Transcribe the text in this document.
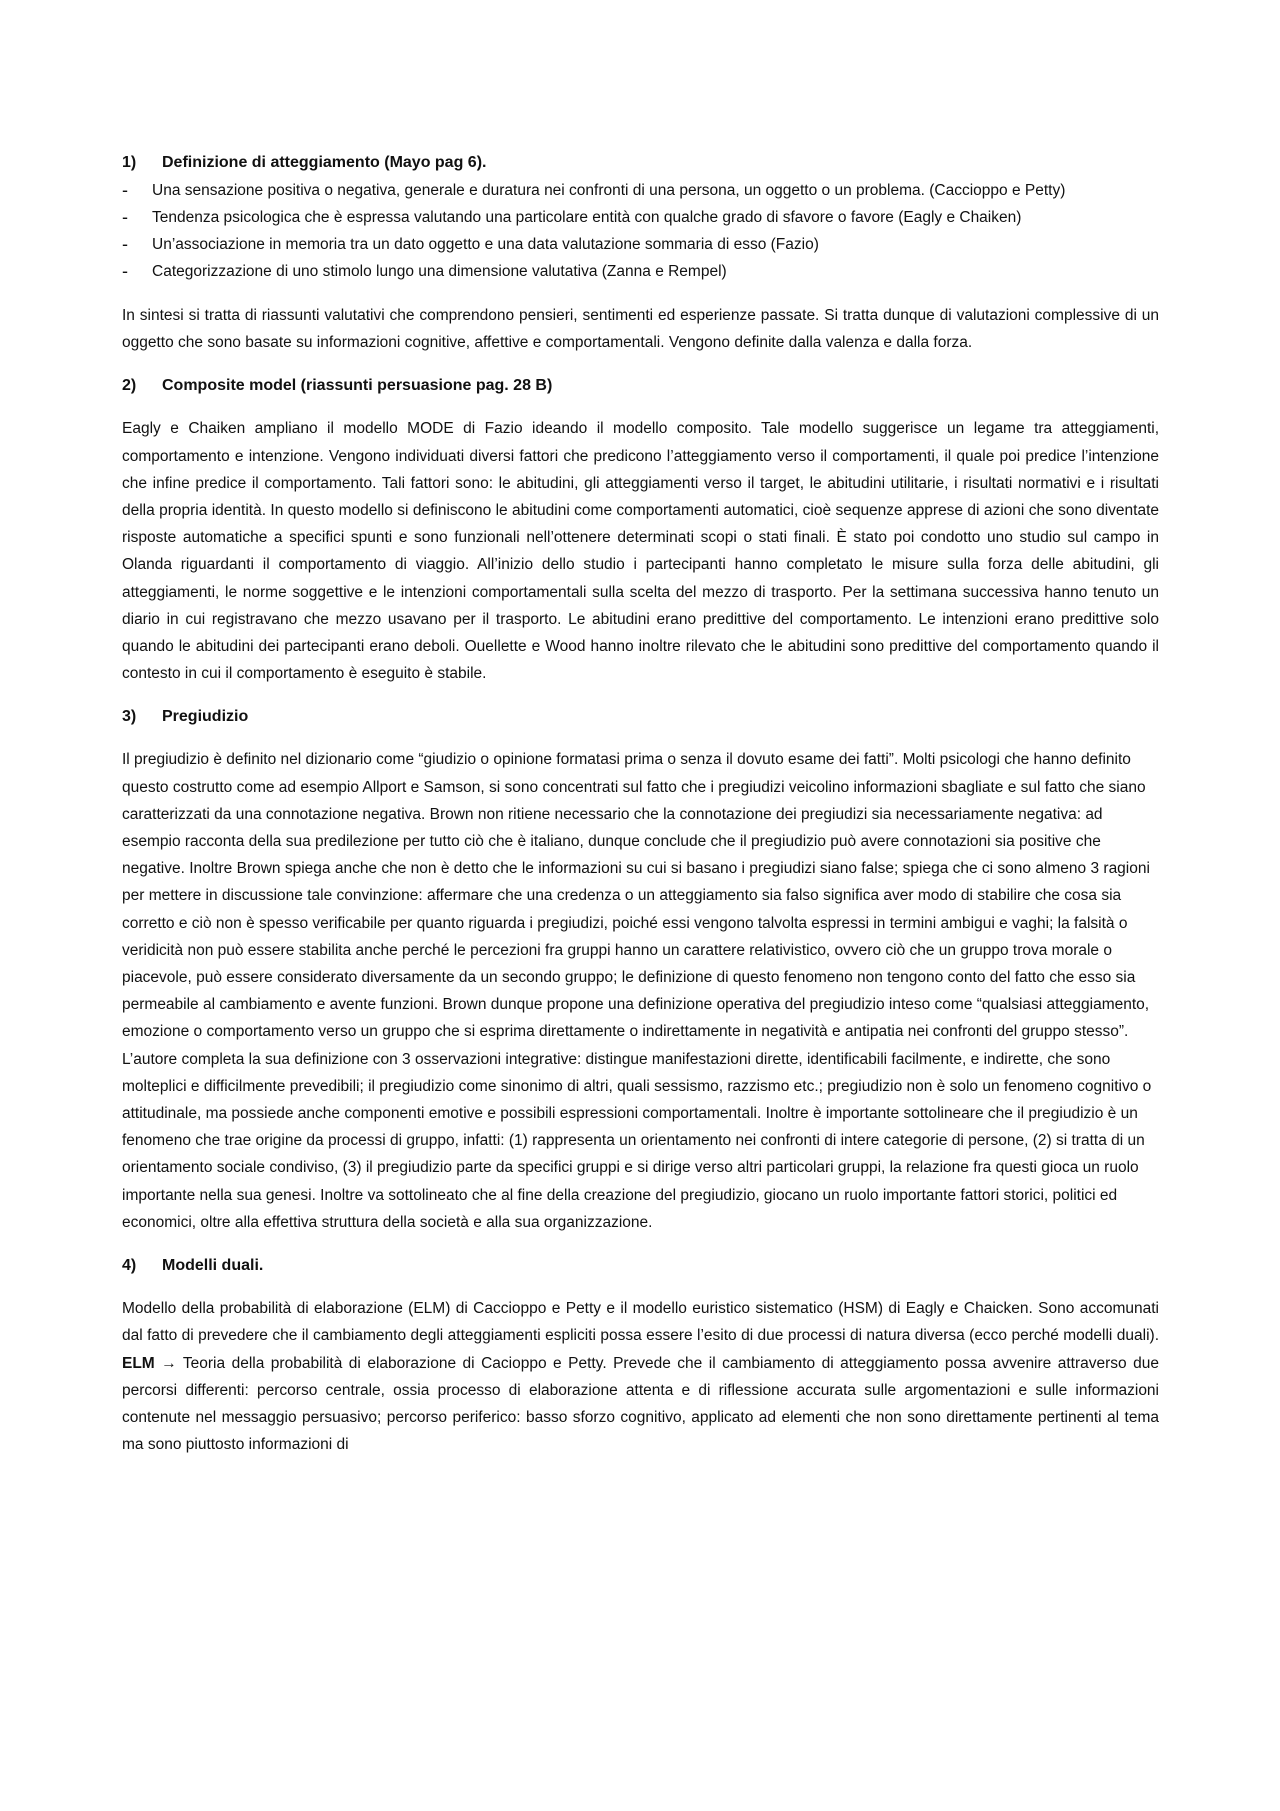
1)	Definizione di atteggiamento (Mayo pag 6).
-	Una sensazione positiva o negativa, generale e duratura nei confronti di una persona, un oggetto o un problema. (Caccioppo e Petty)
-	Tendenza psicologica che è espressa valutando una particolare entità con qualche grado di sfavore o favore (Eagly e Chaiken)
-	Un’associazione in memoria tra un dato oggetto e una data valutazione sommaria di esso (Fazio)
-	Categorizzazione di uno stimolo lungo una dimensione valutativa (Zanna e Rempel)

In sintesi si tratta di riassunti valutativi che comprendono pensieri, sentimenti ed esperienze passate. Si tratta dunque di valutazioni complessive di un oggetto che sono basate su informazioni cognitive, affettive e comportamentali. Vengono definite dalla valenza e dalla forza.

2)	Composite model (riassunti persuasione pag. 28 B)

Eagly e Chaiken ampliano il modello MODE di Fazio ideando il modello composito. Tale modello suggerisce un legame tra atteggiamenti, comportamento e intenzione. Vengono individuati diversi fattori che predicono l’atteggiamento verso il comportamenti, il quale poi predice l’intenzione che infine predice il comportamento. Tali fattori sono: le abitudini, gli atteggiamenti verso il target, le abitudini utilitarie, i risultati normativi e i risultati della propria identità. In questo modello si definiscono le abitudini come comportamenti automatici, cioè sequenze apprese di azioni che sono diventate risposte automatiche a specifici spunti e sono funzionali nell’ottenere determinati scopi o stati finali. È stato poi condotto uno studio sul campo in Olanda riguardanti il comportamento di viaggio. All’inizio dello studio i partecipanti hanno completato le misure sulla forza delle abitudini, gli atteggiamenti, le norme soggettive e le intenzioni comportamentali sulla scelta del mezzo di trasporto. Per la settimana successiva hanno tenuto un diario in cui registravano che mezzo usavano per il trasporto. Le abitudini erano predittive del comportamento. Le intenzioni erano predittive solo quando le abitudini dei partecipanti erano deboli. Ouellette e Wood hanno inoltre rilevato che le abitudini sono predittive del comportamento quando il contesto in cui il comportamento è eseguito è stabile.

3)	Pregiudizio

Il pregiudizio è definito nel dizionario come “giudizio o opinione formatasi prima o senza il dovuto esame dei fatti”. Molti psicologi che hanno definito questo costrutto come ad esempio Allport e Samson, si sono concentrati sul fatto che i pregiudizi veicolino informazioni sbagliate e sul fatto che siano caratterizzati da una connotazione negativa. Brown non ritiene necessario che la connotazione dei pregiudizi sia necessariamente negativa: ad esempio racconta della sua predilezione per tutto ciò che è italiano, dunque conclude che il pregiudizio può avere connotazioni sia positive che negative. Inoltre Brown spiega anche che non è detto che le informazioni su cui si basano i pregiudizi siano false; spiega che ci sono almeno 3 ragioni per mettere in discussione tale convinzione: affermare che una credenza o un atteggiamento sia falso significa aver modo di stabilire che cosa sia corretto e ciò non è spesso verificabile per quanto riguarda i pregiudizi, poiché essi vengono talvolta espressi in termini ambigui e vaghi; la falsità o veridicità non può essere stabilita anche perché le percezioni fra gruppi hanno un carattere relativistico, ovvero ciò che un gruppo trova morale o piacevole, può essere considerato diversamente da un secondo gruppo; le definizione di questo fenomeno non tengono conto del fatto che esso sia permeabile al cambiamento e avente funzioni. Brown dunque propone una definizione operativa del pregiudizio inteso come “qualsiasi atteggiamento, emozione o comportamento verso un gruppo che si esprima direttamente o indirettamente in negatività e antipatia nei confronti del gruppo stesso”. L’autore completa la sua definizione con 3 osservazioni integrative: distingue manifestazioni dirette, identificabili facilmente, e indirette, che sono molteplici e difficilmente prevedibili; il pregiudizio come sinonimo di altri, quali sessismo, razzismo etc.; pregiudizio non è solo un fenomeno cognitivo o attitudinale, ma possiede anche componenti emotive e possibili espressioni comportamentali. Inoltre è importante sottolineare che il pregiudizio è un fenomeno che trae origine da processi di gruppo, infatti: (1) rappresenta un orientamento nei confronti di intere categorie di persone, (2) si tratta di un orientamento sociale condiviso, (3) il pregiudizio parte da specifici gruppi e si dirige verso altri particolari gruppi, la relazione fra questi gioca un ruolo importante nella sua genesi. Inoltre va sottolineato che al fine della creazione del pregiudizio, giocano un ruolo importante fattori storici, politici ed economici, oltre alla effettiva struttura della società e alla sua organizzazione.

4)	Modelli duali.

Modello della probabilità di elaborazione (ELM) di Caccioppo e Petty e il modello euristico sistematico (HSM) di Eagly e Chaicken. Sono accomunati dal fatto di prevedere che il cambiamento degli atteggiamenti espliciti possa essere l’esito di due processi di natura diversa (ecco perché modelli duali). ELM → Teoria della probabilità di elaborazione di Cacioppo e Petty. Prevede che il cambiamento di atteggiamento possa avvenire attraverso due percorsi differenti: percorso centrale, ossia processo di elaborazione attenta e di riflessione accurata sulle argomentazioni e sulle informazioni contenute nel messaggio persuasivo; percorso periferico: basso sforzo cognitivo, applicato ad elementi che non sono direttamente pertinenti al tema ma sono piuttosto informazioni di
